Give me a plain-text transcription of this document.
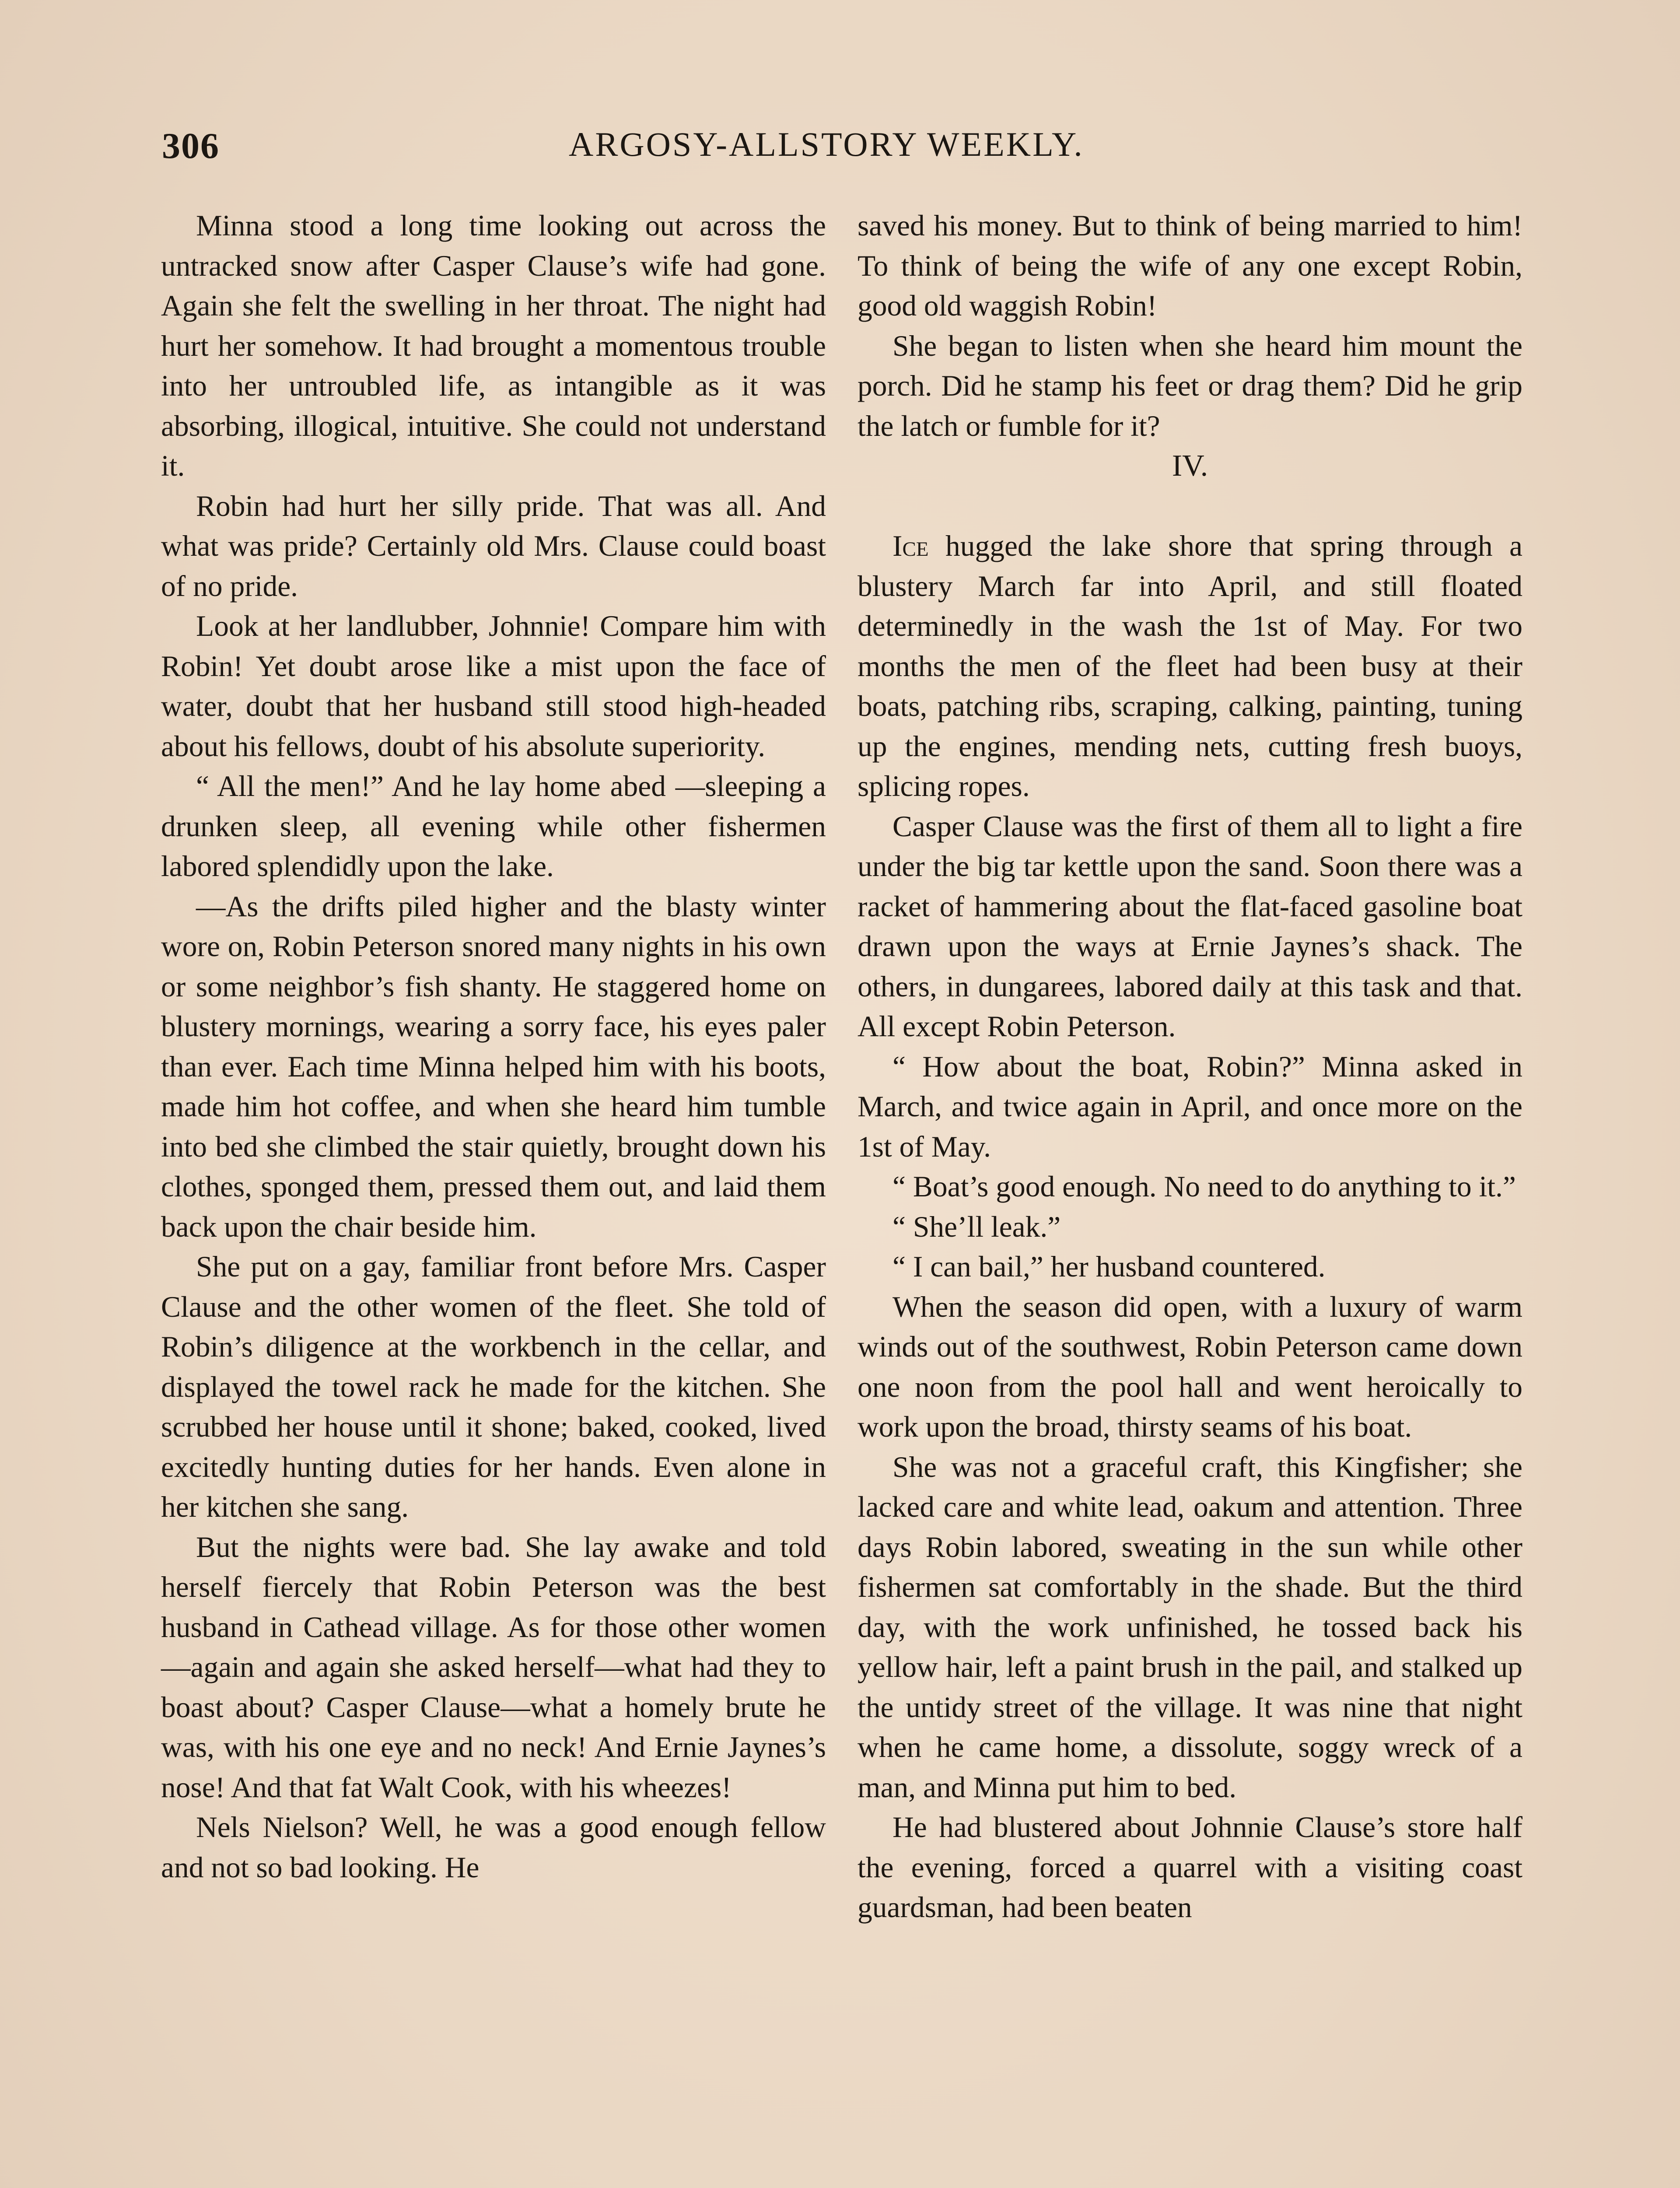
306	ARGOSY-ALLSTORY WEEKLY.

Minna stood a long time looking out across the untracked snow after Casper Clause’s wife had gone. Again she felt the swelling in her throat. The night had hurt her somehow. It had brought a momentous trouble into her untroubled life, as intangible as it was absorbing, illogical, intuitive. She could not understand it.

Robin had hurt her silly pride. That was all. And what was pride? Certainly old Mrs. Clause could boast of no pride.

Look at her landlubber, Johnnie! Compare him with Robin! Yet doubt arose like a mist upon the face of water, doubt that her husband still stood high-headed about his fellows, doubt of his absolute superiority.

“ All the men!” And he lay home abed —sleeping a drunken sleep, all evening while other fishermen labored splendidly upon the lake.

—As the drifts piled higher and the blasty winter wore on, Robin Peterson snored many nights in his own or some neighbor’s fish shanty. He staggered home on blustery mornings, wearing a sorry face, his eyes paler than ever. Each time Minna helped him with his boots, made him hot coffee, and when she heard him tumble into bed she climbed the stair quietly, brought down his clothes, sponged them, pressed them out, and laid them back upon the chair beside him.

She put on a gay, familiar front before Mrs. Casper Clause and the other women of the fleet. She told of Robin’s diligence at the workbench in the cellar, and displayed the towel rack he made for the kitchen. She scrubbed her house until it shone; baked, cooked, lived excitedly hunting duties for her hands. Even alone in her kitchen she sang.

But the nights were bad. She lay awake and told herself fiercely that Robin Peterson was the best husband in Cathead village. As for those other women—again and again she asked herself—what had they to boast about? Casper Clause—what a homely brute he was, with his one eye and no neck! And Ernie Jaynes’s nose! And that fat Walt Cook, with his wheezes!

Nels Nielson? Well, he was a good enough fellow and not so bad looking. He

saved his money. But to think of being married to him! To think of being the wife of any one except Robin, good old waggish Robin!

She began to listen when she heard him mount the porch. Did he stamp his feet or drag them? Did he grip the latch or fumble for it?

IV.

Ice hugged the lake shore that spring through a blustery March far into April, and still floated determinedly in the wash the 1st of May. For two months the men of the fleet had been busy at their boats, patching ribs, scraping, calking, painting, tuning up the engines, mending nets, cutting fresh buoys, splicing ropes.

Casper Clause was the first of them all to light a fire under the big tar kettle upon the sand. Soon there was a racket of hammering about the flat-faced gasoline boat drawn upon the ways at Ernie Jaynes’s shack. The others, in dungarees, labored daily at this task and that. All except Robin Peterson.

“ How about the boat, Robin?” Minna asked in March, and twice again in April, and once more on the 1st of May.

“ Boat’s good enough. No need to do anything to it.”

“ She’ll leak.”

“ I can bail,” her husband countered.

When the season did open, with a luxury of warm winds out of the southwest, Robin Peterson came down one noon from the pool hall and went heroically to work upon the broad, thirsty seams of his boat.

She was not a graceful craft, this Kingfisher; she lacked care and white lead, oakum and attention. Three days Robin labored, sweating in the sun while other fishermen sat comfortably in the shade. But the third day, with the work unfinished, he tossed back his yellow hair, left a paint brush in the pail, and stalked up the untidy street of the village. It was nine that night when he came home, a dissolute, soggy wreck of a man, and Minna put him to bed.

He had blustered about Johnnie Clause’s store half the evening, forced a quarrel with a visiting coast guardsman, had been beaten
